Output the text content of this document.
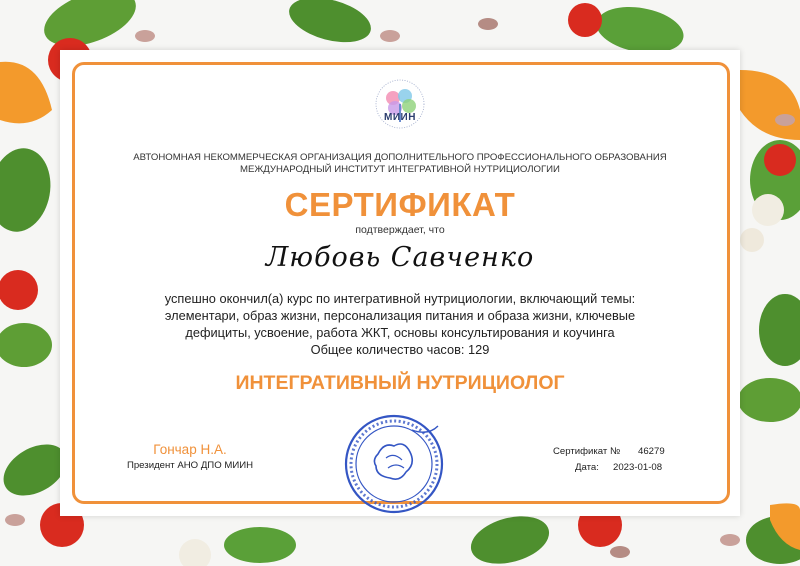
МИИН
АВТОНОМНАЯ НЕКОММЕРЧЕСКАЯ ОРГАНИЗАЦИЯ ДОПОЛНИТЕЛЬНОГО ПРОФЕССИОНАЛЬНОГО ОБРАЗОВАНИЯ
МЕЖДУНАРОДНЫЙ ИНСТИТУТ ИНТЕГРАТИВНОЙ НУТРИЦИОЛОГИИ
СЕРТИФИКАТ
подтверждает, что
Любовь Савченко
успешно окончил(а) курс по интегративной нутрициологии, включающий темы:
элементари, образ жизни, персонализация питания и образа жизни, ключевые
дефициты, усвоение, работа ЖКТ, основы консультирования и коучинга
Общее количество часов: 129
ИНТЕГРАТИВНЫЙ НУТРИЦИОЛОГ
Гончар Н.А.
Президент АНО ДПО МИИН
Сертификат № 46279
Дата: 2023-01-08
